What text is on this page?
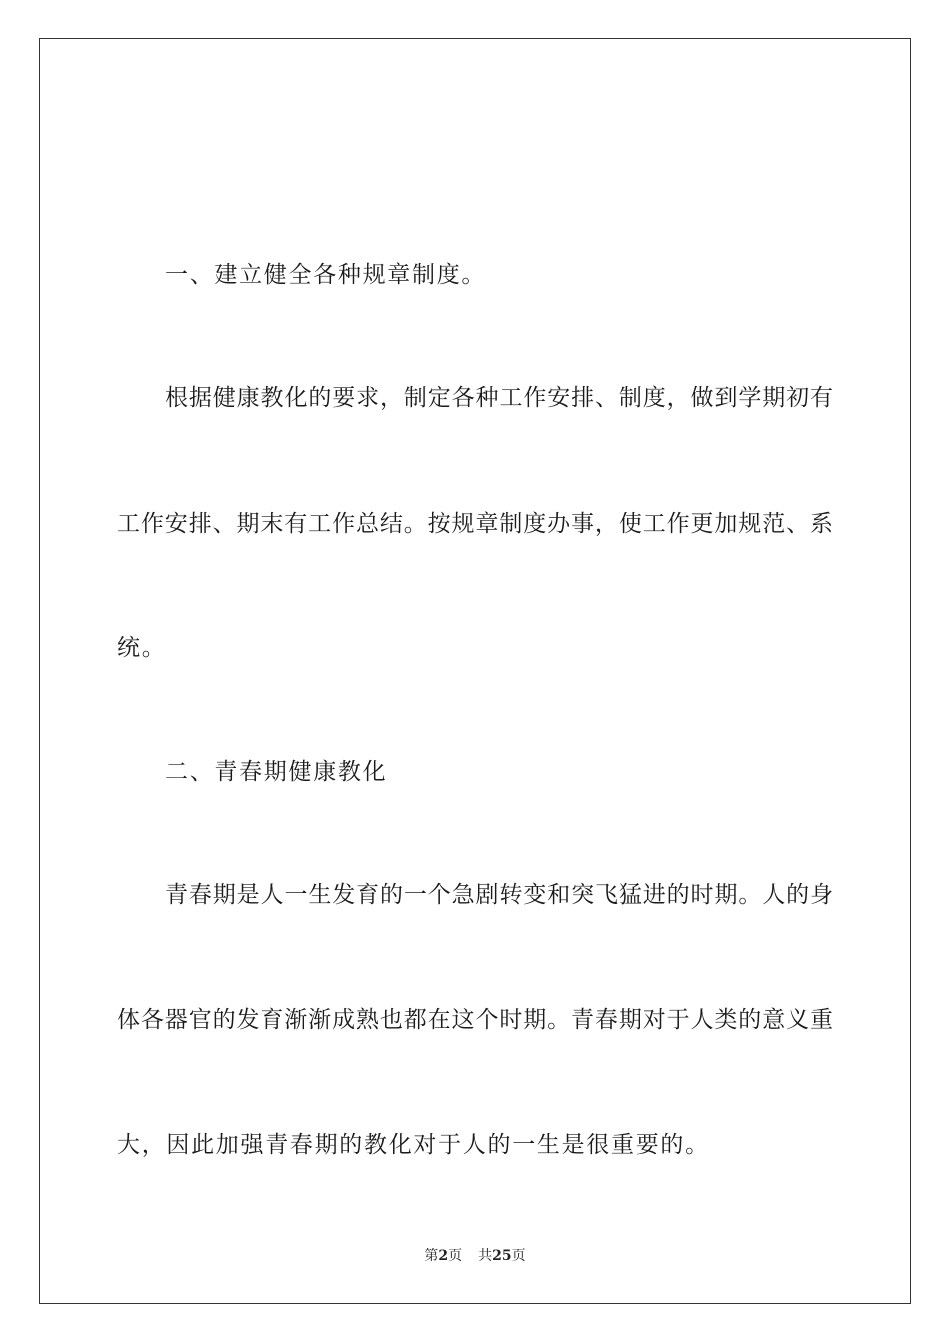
一、建立健全各种规章制度。
根据健康教化的要求，制定各种工作安排、制度，做到学期初有
工作安排、期末有工作总结。按规章制度办事，使工作更加规范、系
统。
二、青春期健康教化
青春期是人一生发育的一个急剧转变和突飞猛进的时期。人的身
体各器官的发育渐渐成熟也都在这个时期。青春期对于人类的意义重
大，因此加强青春期的教化对于人的一生是很重要的。
第2页 共25页
